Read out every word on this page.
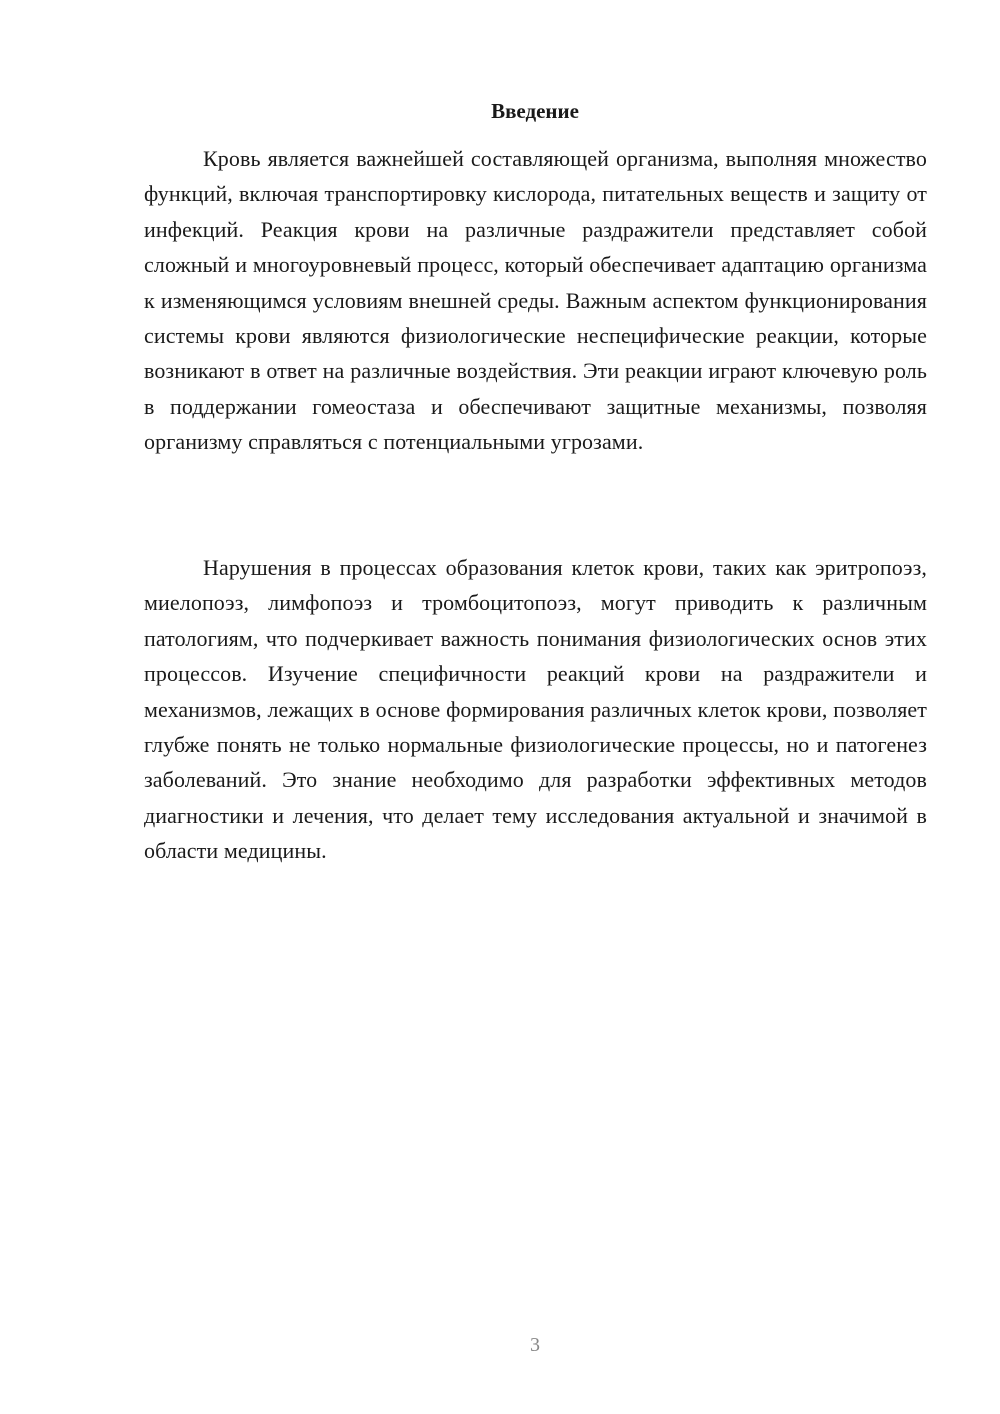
Введение

Кровь является важнейшей составляющей организма, выполняя множество функций, включая транспортировку кислорода, питательных веществ и защиту от инфекций. Реакция крови на различные раздражители представляет собой сложный и многоуровневый процесс, который обеспечивает адаптацию организма к изменяющимся условиям внешней среды. Важным аспектом функционирования системы крови являются физиологические неспецифические реакции, которые возникают в ответ на различные воздействия. Эти реакции играют ключевую роль в поддержании гомеостаза и обеспечивают защитные механизмы, позволяя организму справляться с потенциальными угрозами.

Нарушения в процессах образования клеток крови, таких как эритропоэз, миелопоэз, лимфопоэз и тромбоцитопоэз, могут приводить к различным патологиям, что подчеркивает важность понимания физиологических основ этих процессов. Изучение специфичности реакций крови на раздражители и механизмов, лежащих в основе формирования различных клеток крови, позволяет глубже понять не только нормальные физиологические процессы, но и патогенез заболеваний. Это знание необходимо для разработки эффективных методов диагностики и лечения, что делает тему исследования актуальной и значимой в области медицины.

3
